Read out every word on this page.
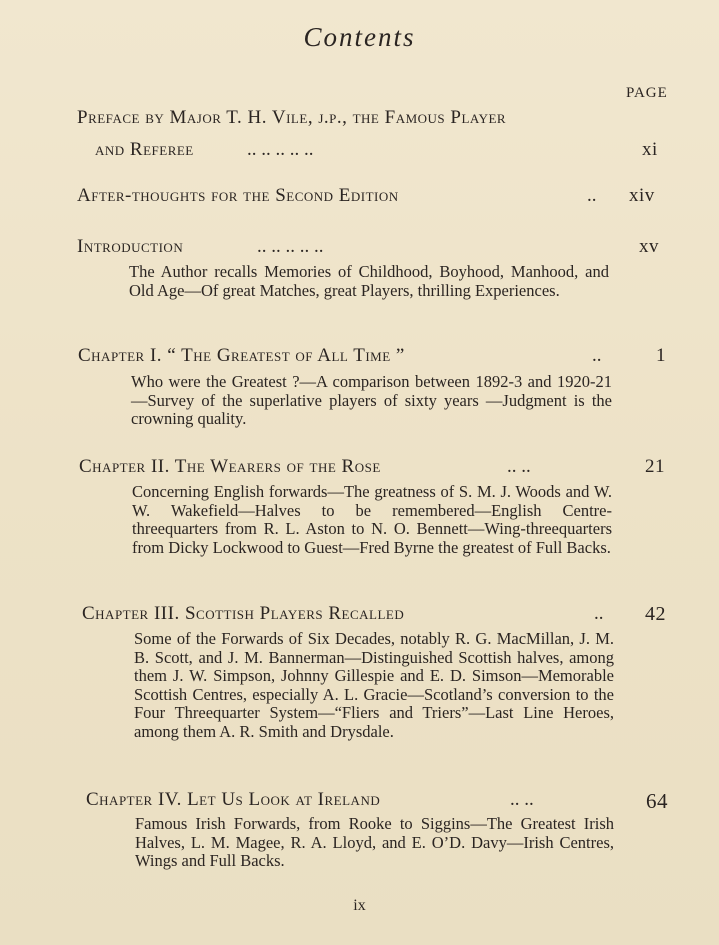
Contents
PAGE
Preface by Major T. H. Vile, j.p., the Famous Player
and Referee	.. .. .. .. ..	xi
After-thoughts for the Second Edition	.. xiv
Introduction	.. .. .. .. ..	xv
The Author recalls Memories of Childhood, Boyhood, Manhood, and Old Age—Of great Matches, great Players, thrilling Experiences.
Chapter I. “ The Greatest of All Time ”	..	1
Who were the Greatest ?—A comparison between 1892-3 and 1920-21—Survey of the superlative players of sixty years —Judgment is the crowning quality.
Chapter II. The Wearers of the Rose	.. ..	21
Concerning English forwards—The greatness of S. M. J. Woods and W. W. Wakefield—Halves to be remembered—English Centre-threequarters from R. L. Aston to N. O. Bennett—Wing-threequarters from Dicky Lockwood to Guest—Fred Byrne the greatest of Full Backs.
Chapter III. Scottish Players Recalled	.. 42
Some of the Forwards of Six Decades, notably R. G. MacMillan, J. M. B. Scott, and J. M. Bannerman—Distinguished Scottish halves, among them J. W. Simpson, Johnny Gillespie and E. D. Simson—Memorable Scottish Centres, especially A. L. Gracie—Scotland’s conversion to the Four Threequarter System—“Fliers and Triers”—Last Line Heroes, among them A. R. Smith and Drysdale.
Chapter IV. Let Us Look at Ireland	.. ..	64
Famous Irish Forwards, from Rooke to Siggins—The Greatest Irish Halves, L. M. Magee, R. A. Lloyd, and E. O’D. Davy—Irish Centres, Wings and Full Backs.
ix
